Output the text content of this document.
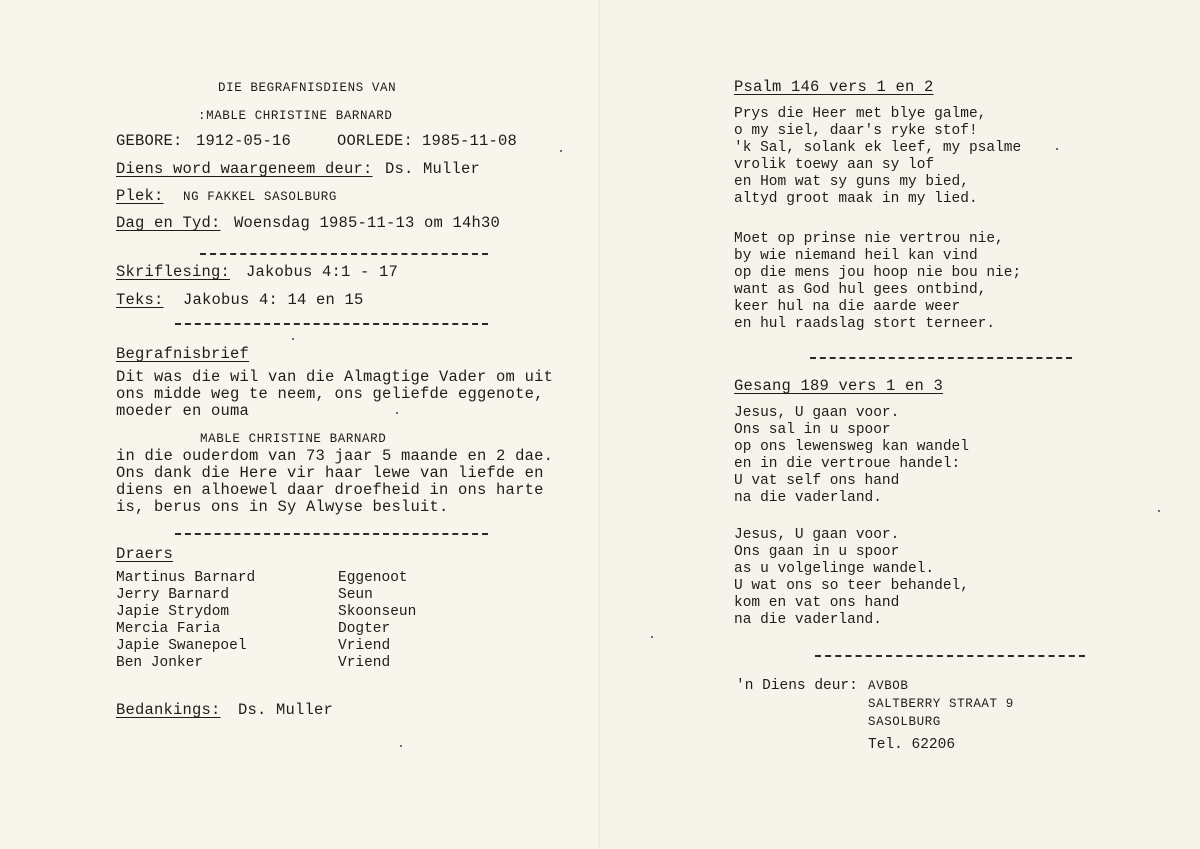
DIE BEGRAFNISDIENS VAN
:MABLE CHRISTINE BARNARD
GEBORE: 1912-05-16	OORLEDE: 1985-11-08
Diens word waargeneem deur: Ds. Muller
Plek: NG FAKKEL SASOLBURG
Dag en Tyd: Woensdag 1985-11-13 om 14h30
Skriflesing: Jakobus 4:1 - 17
Teks: Jakobus 4: 14 en 15
Begrafnisbrief
Dit was die wil van die Almagtige Vader om uit
ons midde weg te neem, ons geliefde eggenote,
moeder en ouma
MABLE CHRISTINE BARNARD
in die ouderdom van 73 jaar 5 maande en 2 dae.
Ons dank die Here vir haar lewe van liefde en
diens en alhoewel daar droefheid in ons harte
is, berus ons in Sy Alwyse besluit.
Draers
Martinus Barnard	Eggenoot
Jerry Barnard	Seun
Japie Strydom	Skoonseun
Mercia Faria	Dogter
Japie Swanepoel	Vriend
Ben Jonker	Vriend
Bedankings: Ds. Muller
Psalm 146 vers 1 en 2
Prys die Heer met blye galme,
o my siel, daar's ryke stof!
'k Sal, solank ek leef, my psalme
vrolik toewy aan sy lof
en Hom wat sy guns my bied,
altyd groot maak in my lied.
Moet op prinse nie vertrou nie,
by wie niemand heil kan vind
op die mens jou hoop nie bou nie;
want as God hul gees ontbind,
keer hul na die aarde weer
en hul raadslag stort terneer.
Gesang 189 vers 1 en 3
Jesus, U gaan voor.
Ons sal in u spoor
op ons lewensweg kan wandel
en in die vertroue handel:
U vat self ons hand
na die vaderland.
Jesus, U gaan voor.
Ons gaan in u spoor
as u volgelinge wandel.
U wat ons so teer behandel,
kom en vat ons hand
na die vaderland.
'n Diens deur: AVBOB
SALTBERRY STRAAT 9
SASOLBURG
Tel. 62206
